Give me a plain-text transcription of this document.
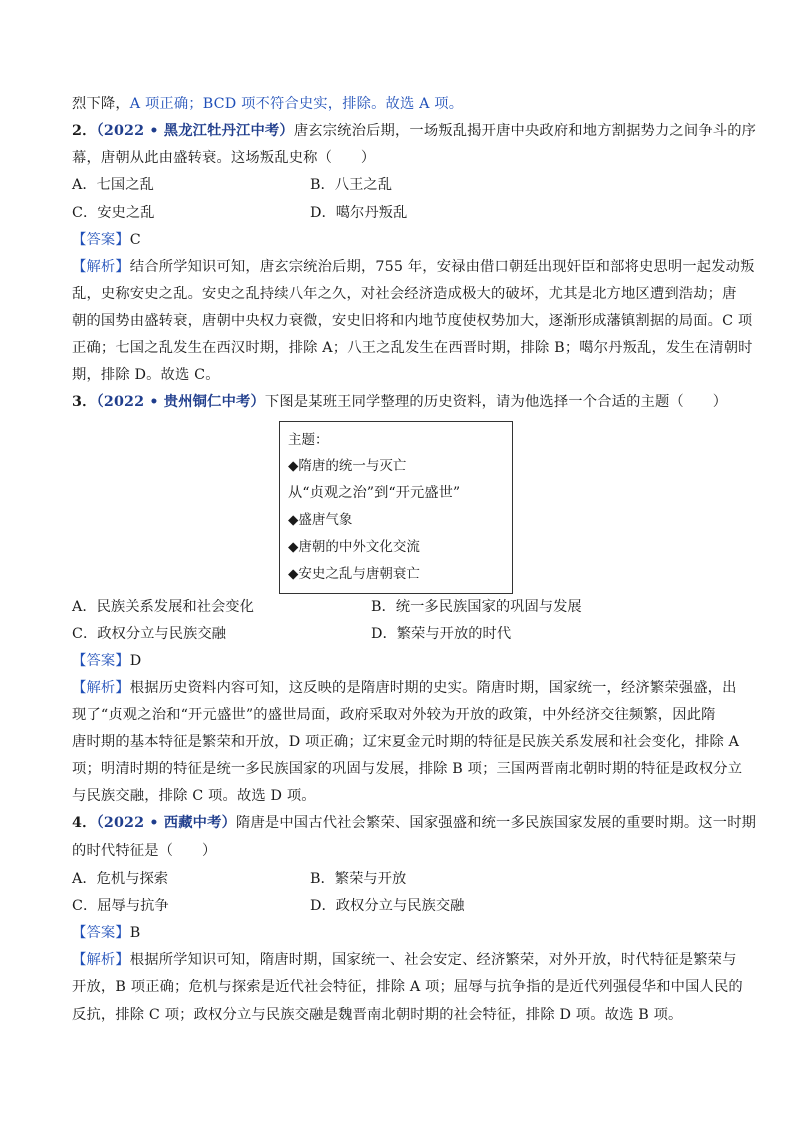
烈下降，A 项正确；BCD 项不符合史实，排除。故选 A 项。
2．（2022 • 黑龙江牡丹江中考）唐玄宗统治后期，一场叛乱揭开唐中央政府和地方割据势力之间争斗的序
幕，唐朝从此由盛转衰。这场叛乱史称（　　）
A．七国之乱	B．八王之乱
C．安史之乱	D．噶尔丹叛乱
【答案】C
【解析】结合所学知识可知，唐玄宗统治后期，755 年，安禄由借口朝廷出现奸臣和部将史思明一起发动叛
乱，史称安史之乱。安史之乱持续八年之久，对社会经济造成极大的破坏，尤其是北方地区遭到浩劫；唐
朝的国势由盛转衰，唐朝中央权力衰微，安史旧将和内地节度使权势加大，逐渐形成藩镇割据的局面。C 项
正确；七国之乱发生在西汉时期，排除 A；八王之乱发生在西晋时期，排除 B；噶尔丹叛乱，发生在清朝时
期，排除 D。故选 C。
3．（2022 • 贵州铜仁中考）下图是某班王同学整理的历史资料，请为他选择一个合适的主题（　　）
主题：
◆隋唐的统一与灭亡
从“贞观之治”到“开元盛世”
◆盛唐气象
◆唐朝的中外文化交流
◆安史之乱与唐朝衰亡
A．民族关系发展和社会变化	B．统一多民族国家的巩固与发展
C．政权分立与民族交融	D．繁荣与开放的时代
【答案】D
【解析】根据历史资料内容可知，这反映的是隋唐时期的史实。隋唐时期，国家统一，经济繁荣强盛，出
现了“贞观之治和“开元盛世”的盛世局面，政府采取对外较为开放的政策，中外经济交往频繁，因此隋
唐时期的基本特征是繁荣和开放，D 项正确；辽宋夏金元时期的特征是民族关系发展和社会变化，排除 A
项；明清时期的特征是统一多民族国家的巩固与发展，排除 B 项；三国两晋南北朝时期的特征是政权分立
与民族交融，排除 C 项。故选 D 项。
4．（2022 • 西藏中考）隋唐是中国古代社会繁荣、国家强盛和统一多民族国家发展的重要时期。这一时期
的时代特征是（　　）
A．危机与探索	B．繁荣与开放
C．屈辱与抗争	D．政权分立与民族交融
【答案】B
【解析】根据所学知识可知，隋唐时期，国家统一、社会安定、经济繁荣，对外开放，时代特征是繁荣与
开放，B 项正确；危机与探索是近代社会特征，排除 A 项；屈辱与抗争指的是近代列强侵华和中国人民的
反抗，排除 C 项；政权分立与民族交融是魏晋南北朝时期的社会特征，排除 D 项。故选 B 项。
